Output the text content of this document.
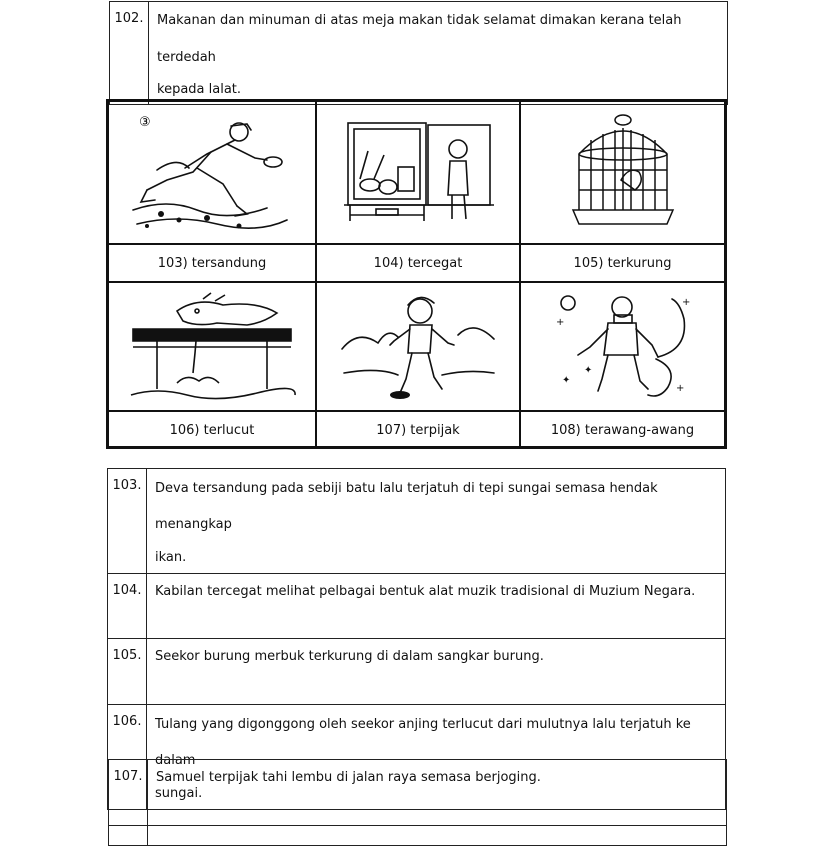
102.	Makanan dan minuman di atas meja makan tidak selamat dimakan kerana telah terdedah
kepada lalat.
③
103) tersandung	104) tercegat	105) terkurung
+
+
✦
+
✦
106) terlucut	107) terpijak	108) terawang-awang
103.	Deva tersandung pada sebiji batu lalu terjatuh di tepi sungai semasa hendak menangkap
ikan.

104.	Kabilan tercegat melihat pelbagai bentuk alat muzik tradisional di Muzium Negara.

105.	Seekor burung merbuk terkurung di dalam sangkar burung.

106.	Tulang yang digonggong oleh seekor anjing terlucut dari mulutnya lalu terjatuh ke dalam
sungai.
107.	Samuel terpijak tahi lembu di jalan raya semasa berjoging.
